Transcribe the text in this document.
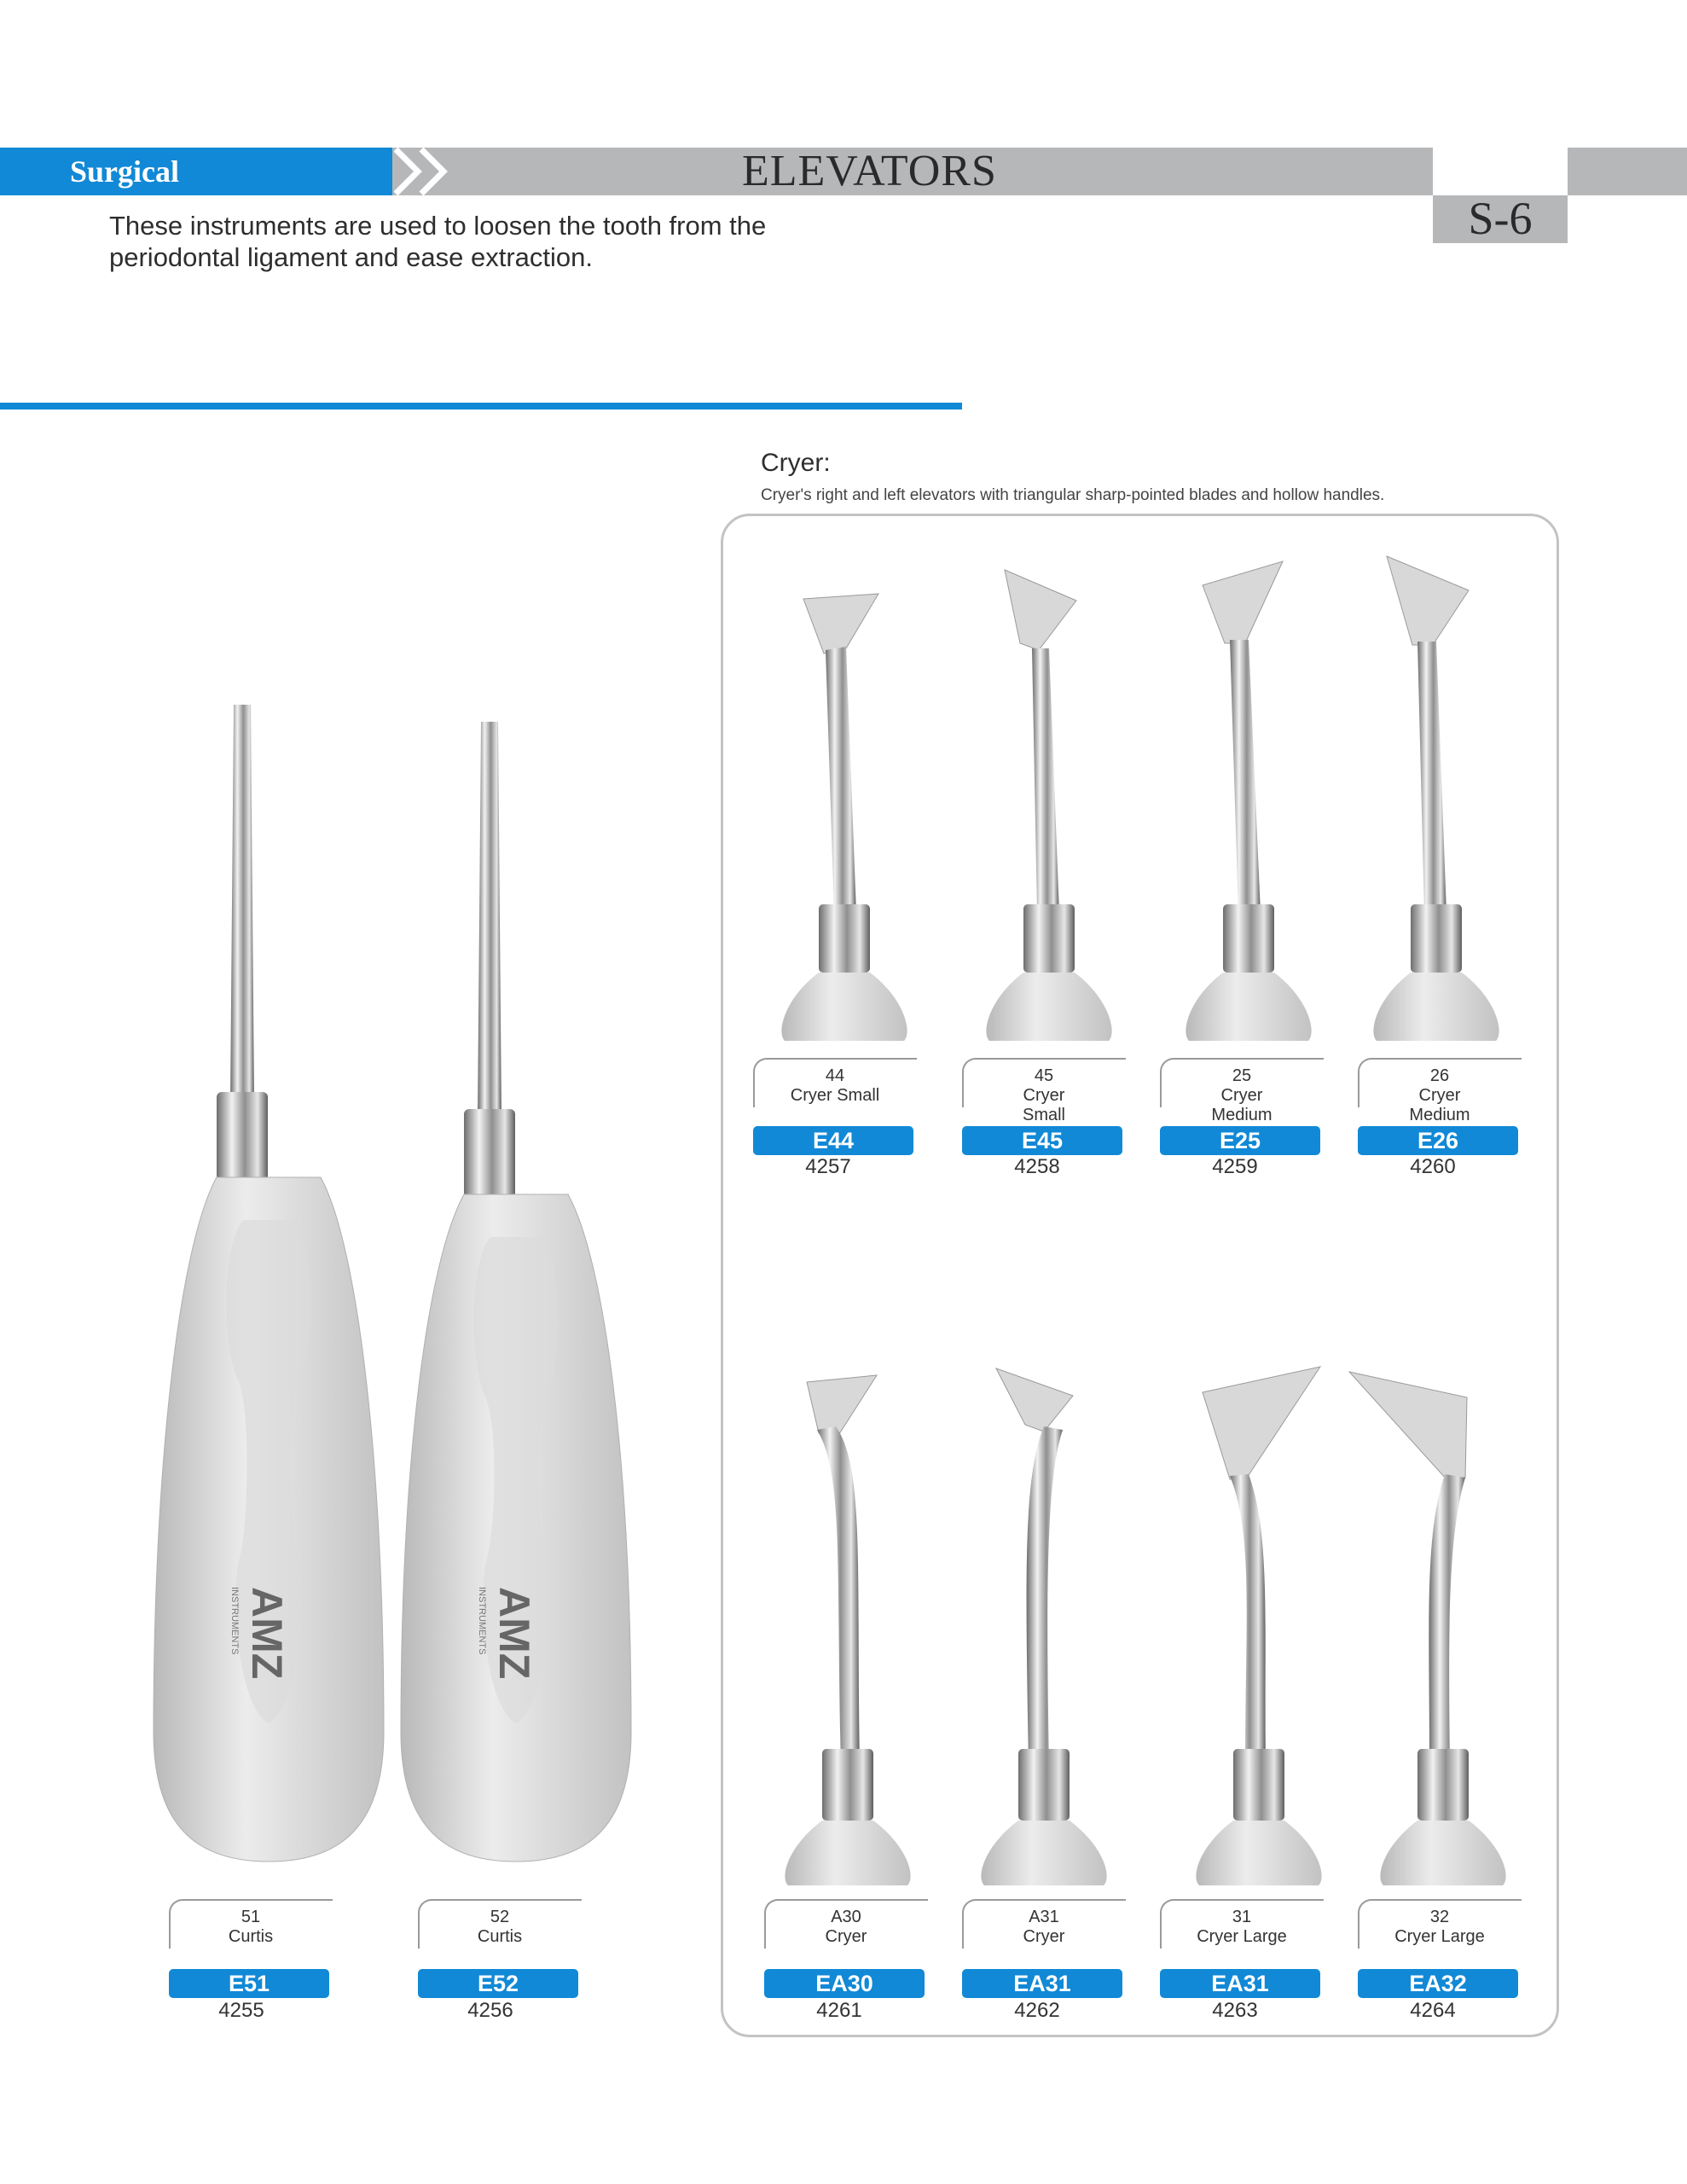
Surgical	ELEVATORS
S-6
These instruments are used to loosen the tooth from the periodontal ligament and ease extraction.
AMZ
INSTRUMENTS	AMZ
INSTRUMENTS
51
Curtis
E51
4255
52
Curtis
E52
4256
Cryer:
Cryer's right and left elevators with triangular sharp-pointed blades and hollow handles.
44
Cryer Small
E44
4257
45
Cryer
Small
E45
4258
25
Cryer
Medium
E25
4259
26
Cryer
Medium
E26
4260
A30
Cryer
EA30
4261
A31
Cryer
EA31
4262
31
Cryer Large
EA31
4263
32
Cryer Large
EA32
4264
